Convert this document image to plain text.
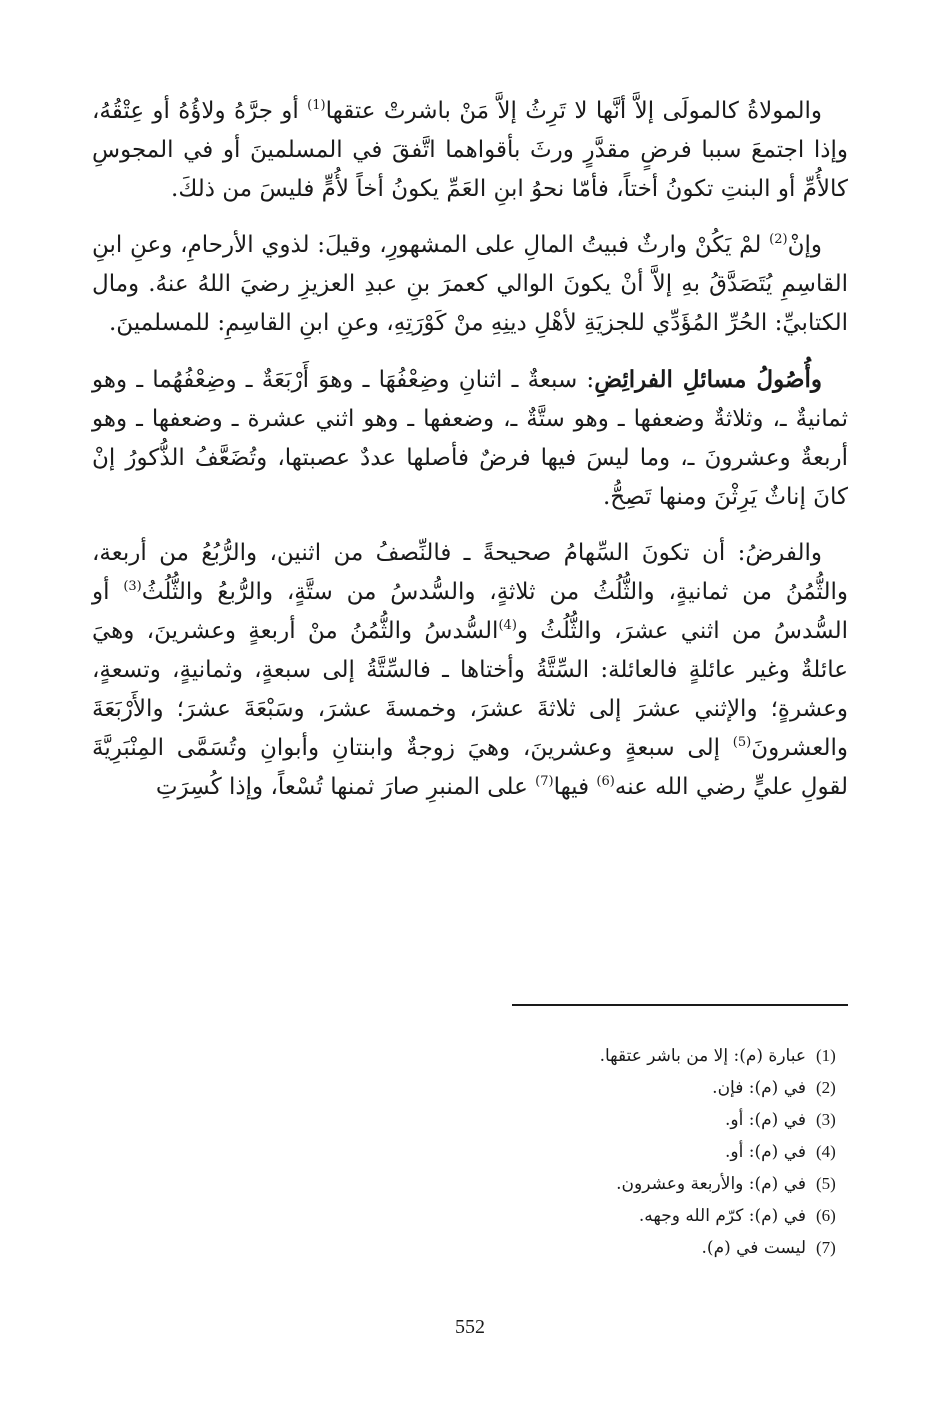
والمولاةُ كالمولَى إلاَّ أنَّها لا تَرِثُ إلاَّ مَنْ باشرتْ عتقها$^{(1)}$ أو جرَّهُ ولاؤُهُ أو عِتْقُهُ، وإذا اجتمعَ سببا فرضٍ مقدَّرٍ ورثَ بأقواهما اتَّفقَ في المسلمينَ أو في المجوسِ كالأُمِّ أو البنتِ تكونُ أختاً، فأمّا نحوُ ابنِ العَمِّ يكونُ أخاً لأُمٍّ فليسَ من ذلكَ.

وإنْ$^{(2)}$ لمْ يَكُنْ وارثٌ فبيتُ المالِ على المشهورِ، وقيلَ: لذوي الأرحامِ، وعنِ ابنِ القاسِمِ يُتَصَدَّقُ بهِ إلاَّ أنْ يكونَ الوالي كعمرَ بنِ عبدِ العزيزِ رضيَ اللهُ عنهُ. ومال الكتابيِّ: الحُرِّ المُؤَدِّي للجزيَةِ لأهْلِ دينِهِ منْ كَوْرَتِهِ، وعنِ ابنِ القاسِمِ: للمسلمينَ.

وأُصُولُ مسائلِ الفرائِضِ: سبعةٌ ـ اثنانِ وضِعْفُهَا ـ وهوَ أَرْبَعَةٌ ـ وضِعْفُهُما ـ وهو ثمانيةٌ ـ، وثلاثةٌ وضعفها ـ وهو ستَّةٌ ـ، وضعفها ـ وهو اثني عشرة ـ وضعفها ـ وهو أربعةٌ وعشرونَ ـ، وما ليسَ فيها فرضٌ فأصلها عددٌ عصبتها، وتُضَعَّفُ الذُّكورُ إنْ كانَ إناثٌ يَرِثْنَ ومنها تَصِحُّ.

والفرضُ: أن تكونَ السِّهامُ صحيحةً ـ فالنِّصفُ من اثنين، والرُّبُعُ من أربعة، والثُّمُنُ من ثمانيةٍ، والثُّلُثُ من ثلاثةٍ، والسُّدسُ من ستَّةٍ، والرُّبعُ والثُّلُثُ$^{(3)}$ أو السُّدسُ من اثني عشرَ، والثُّلُثُ و$^{(4)}$السُّدسُ والثُّمُنُ منْ أربعةٍ وعشرينَ، وهيَ عائلةٌ وغير عائلةٍ فالعائلة: السِّتَّةُ وأختاها ـ فالسِّتَّةُ إلى سبعةٍ، وثمانيةٍ، وتسعةٍ، وعشرةٍ؛ والإثني عشرَ إلى ثلاثةَ عشرَ، وخمسةَ عشرَ، وسَبْعَةَ عشرَ؛ والأَرْبَعَةَ والعشرونَ$^{(5)}$ إلى سبعةٍ وعشرينَ، وهيَ زوجةٌ وابنتانِ وأبوانِ وتُسَمَّى المِنْبَرِيَّةَ لقولِ عليٍّ رضي الله عنه$^{(6)}$ فيها$^{(7)}$ على المنبرِ صارَ ثمنها تُسْعاً، وإذا كُسِرَتِ

(1)عبارة (م): إلا من باشر عتقها.
(2)في (م): فإن.
(3)في (م): أو.
(4)في (م): أو.
(5)في (م): والأربعة وعشرون.
(6)في (م): كرّم الله وجهه.
(7)ليست في (م).
552
